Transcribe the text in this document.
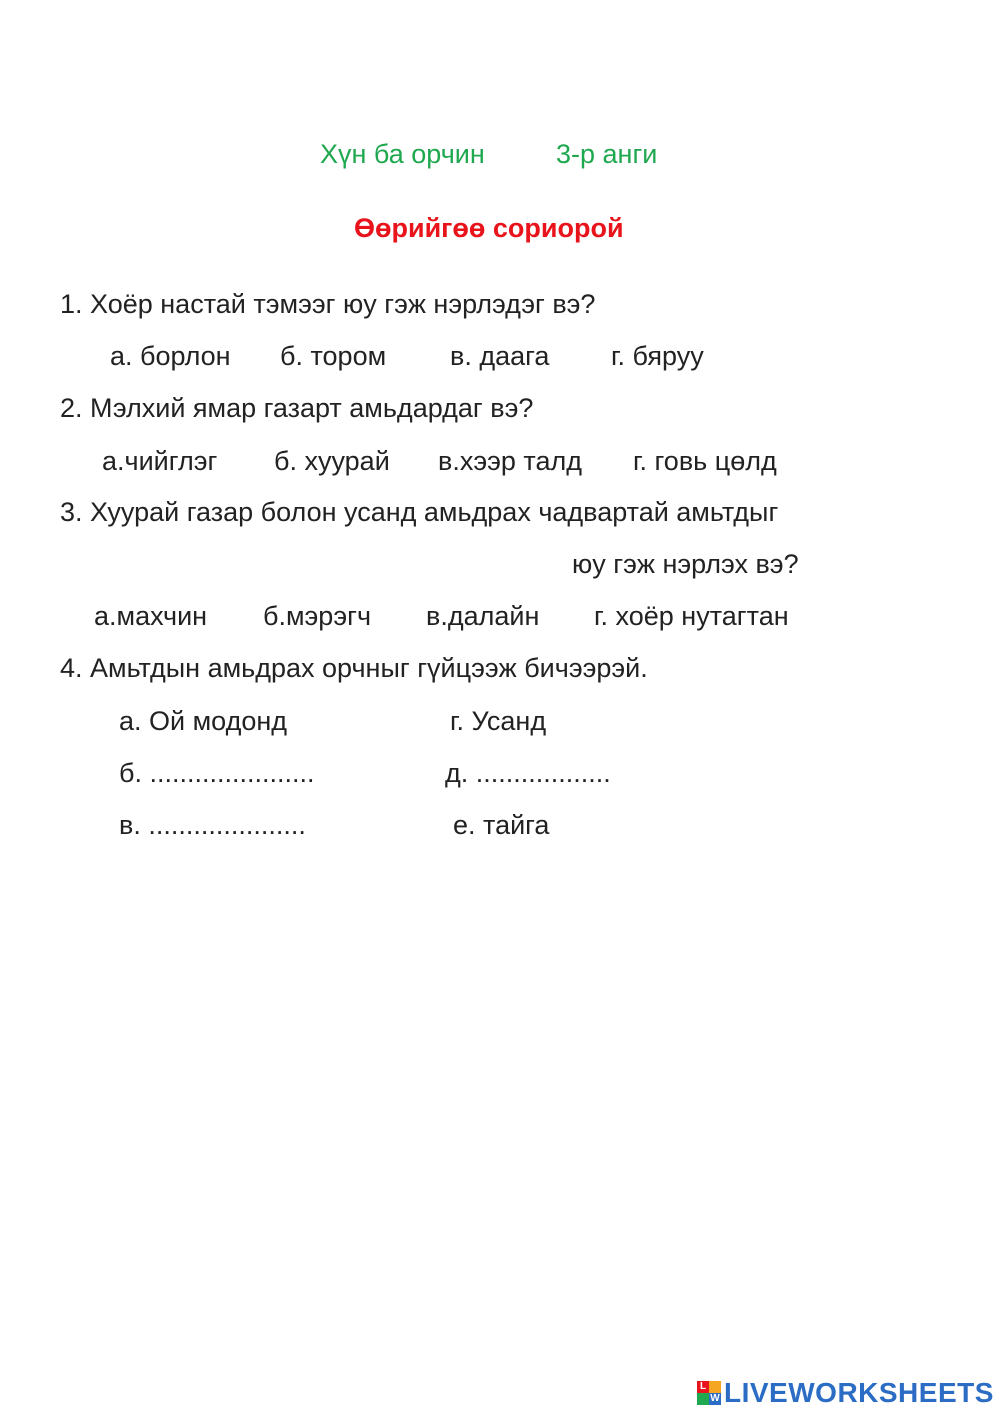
Хүн ба орчин	3-р анги
Өөрийгөө сориорой
1. Хоёр настай тэмээг юу гэж нэрлэдэг вэ?
а. борлон б. тором в. даага г. бяруу
2. Мэлхий ямар газарт амьдардаг вэ?
а.чийглэг б. хуурай в.хээр талд г. говь цөлд
3. Хуурай газар болон усанд амьдрах чадвартай амьтдыг
юу гэж нэрлэх вэ?
а.махчин б.мэрэгч в.далайн г. хоёр нутагтан
4. Амьтдын амьдрах орчныг гүйцээж бичээрэй.
а. Ой модонд	г. Усанд
б. ......................	д. ..................
в. .....................	е. тайга
L
W LIVEWORKSHEETS
